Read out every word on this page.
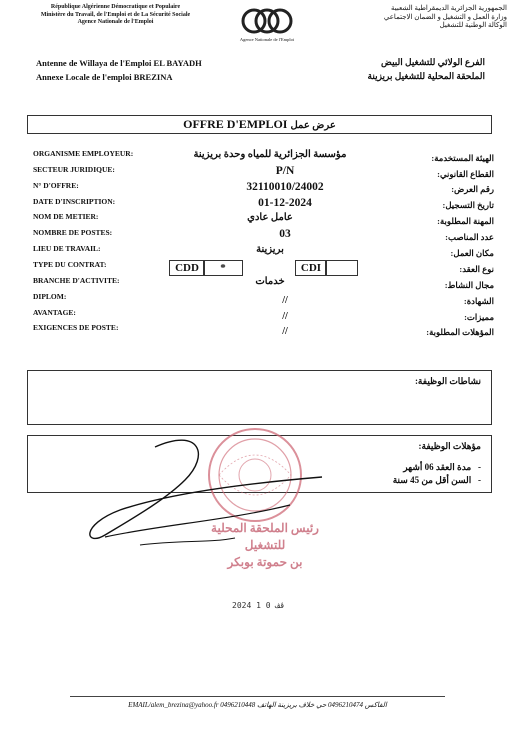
République Algérienne Démocratique et Populaire
Ministère du Travail, de l'Emploi et de La Sécurité Sociale
Agence Nationale de l'Emploi
Agence Nationale de l'Emploi
الجمهورية الجزائرية الديمقراطية الشعبية
وزارة العمل و التشغيل و الضمان الاجتماعي
الوكالة الوطنية للتشغيل
Antenne de Willaya de l'Emploi EL BAYADH
Annexe Locale de l'emploi BREZINA
الفرع الولائي للتشغيل البيض
الملحقة المحلية للتشغيل بريزينة
OFFRE D'EMPLOI عرض عمل
ORGANISME EMPLOYEUR:
SECTEUR JURIDIQUE:
N° D'OFFRE:
DATE D'INSCRIPTION:
NOM DE METIER:
NOMBRE DE POSTES:
LIEU DE TRAVAIL:
TYPE DU CONTRAT:
BRANCHE D'ACTIVITE:
DIPLOM:
AVANTAGE:
EXIGENCES DE POSTE:
الهيئة المستخدمة:
القطاع القانوني:
رقم العرض:
تاريخ التسجيل:
المهنة المطلوبة:
عدد المناصب:
مكان العمل:
نوع العقد:
مجال النشاط:
الشهادة:
مميزات:
المؤهلات المطلوبة:
مؤسسة الجزائرية للمياه وحدة بريزينة
P/N
32110010/24002
01-12-2024
عامل عادي
03
بريزينة
CDD	*	CDI
خدمات
//
//
//
نشاطات الوظيفة:
مؤهلات الوظيفة:
-   مدة العقد 06 أشهر
-   السن أقل من 45 سنة
رئيس الملحقة المحلية
للتشغيل
بن حموتة بوبكر
2024 ڤڤ 0 1
EMAIL/alem_brezina@yahoo.fr 0496210448 الفاكس 0496210474 حي خلاف بريزينة الهاتف
